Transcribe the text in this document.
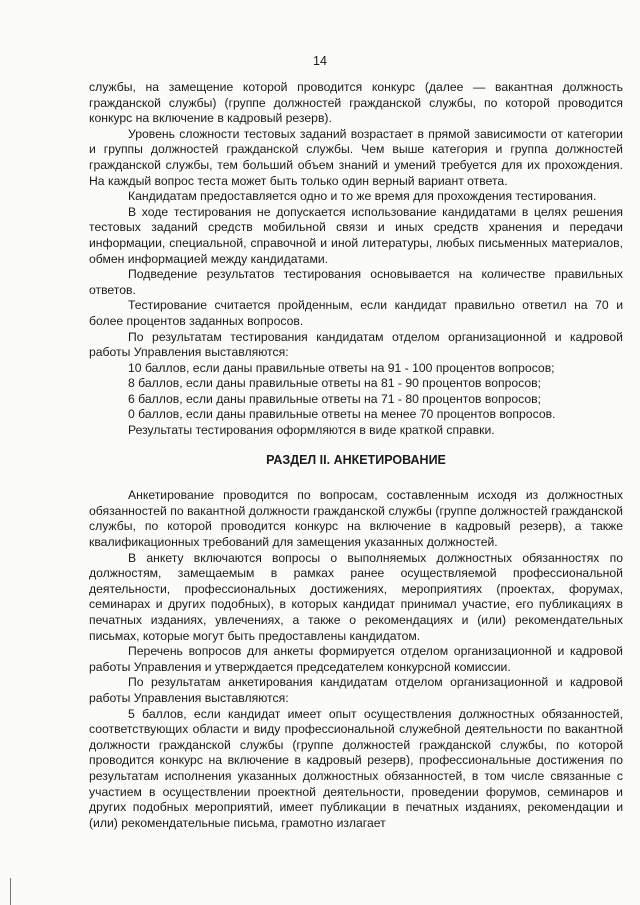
14

службы, на замещение которой проводится конкурс (далее — вакантная должность гражданской службы) (группе должностей гражданской службы, по которой проводится конкурс на включение в кадровый резерв).

Уровень сложности тестовых заданий возрастает в прямой зависимости от категории и группы должностей гражданской службы. Чем выше категория и группа должностей гражданской службы, тем больший объем знаний и умений требуется для их прохождения. На каждый вопрос теста может быть только один верный вариант ответа.

Кандидатам предоставляется одно и то же время для прохождения тестирования.

В ходе тестирования не допускается использование кандидатами в целях решения тестовых заданий средств мобильной связи и иных средств хранения и передачи информации, специальной, справочной и иной литературы, любых письменных материалов, обмен информацией между кандидатами.

Подведение результатов тестирования основывается на количестве правильных ответов.

Тестирование считается пройденным, если кандидат правильно ответил на 70 и более процентов заданных вопросов.

По результатам тестирования кандидатам отделом организационной и кадровой работы Управления выставляются:

10 баллов, если даны правильные ответы на 91 - 100 процентов вопросов;

8 баллов, если даны правильные ответы на 81 - 90 процентов вопросов;

6 баллов, если даны правильные ответы на 71 - 80 процентов вопросов;

0 баллов, если даны правильные ответы на менее 70 процентов вопросов.

Результаты тестирования оформляются в виде краткой справки.

РАЗДЕЛ II. АНКЕТИРОВАНИЕ

Анкетирование проводится по вопросам, составленным исходя из должностных обязанностей по вакантной должности гражданской службы (группе должностей гражданской службы, по которой проводится конкурс на включение в кадровый резерв), а также квалификационных требований для замещения указанных должностей.

В анкету включаются вопросы о выполняемых должностных обязанностях по должностям, замещаемым в рамках ранее осуществляемой профессиональной деятельности, профессиональных достижениях, мероприятиях (проектах, форумах, семинарах и других подобных), в которых кандидат принимал участие, его публикациях в печатных изданиях, увлечениях, а также о рекомендациях и (или) рекомендательных письмах, которые могут быть предоставлены кандидатом.

Перечень вопросов для анкеты формируется отделом организационной и кадровой работы Управления и утверждается председателем конкурсной комиссии.

По результатам анкетирования кандидатам отделом организационной и кадровой работы Управления выставляются:

5 баллов, если кандидат имеет опыт осуществления должностных обязанностей, соответствующих области и виду профессиональной служебной деятельности по вакантной должности гражданской службы (группе должностей гражданской службы, по которой проводится конкурс на включение в кадровый резерв), профессиональные достижения по результатам исполнения указанных должностных обязанностей, в том числе связанные с участием в осуществлении проектной деятельности, проведении форумов, семинаров и других подобных мероприятий, имеет публикации в печатных изданиях, рекомендации и (или) рекомендательные письма, грамотно излагает
